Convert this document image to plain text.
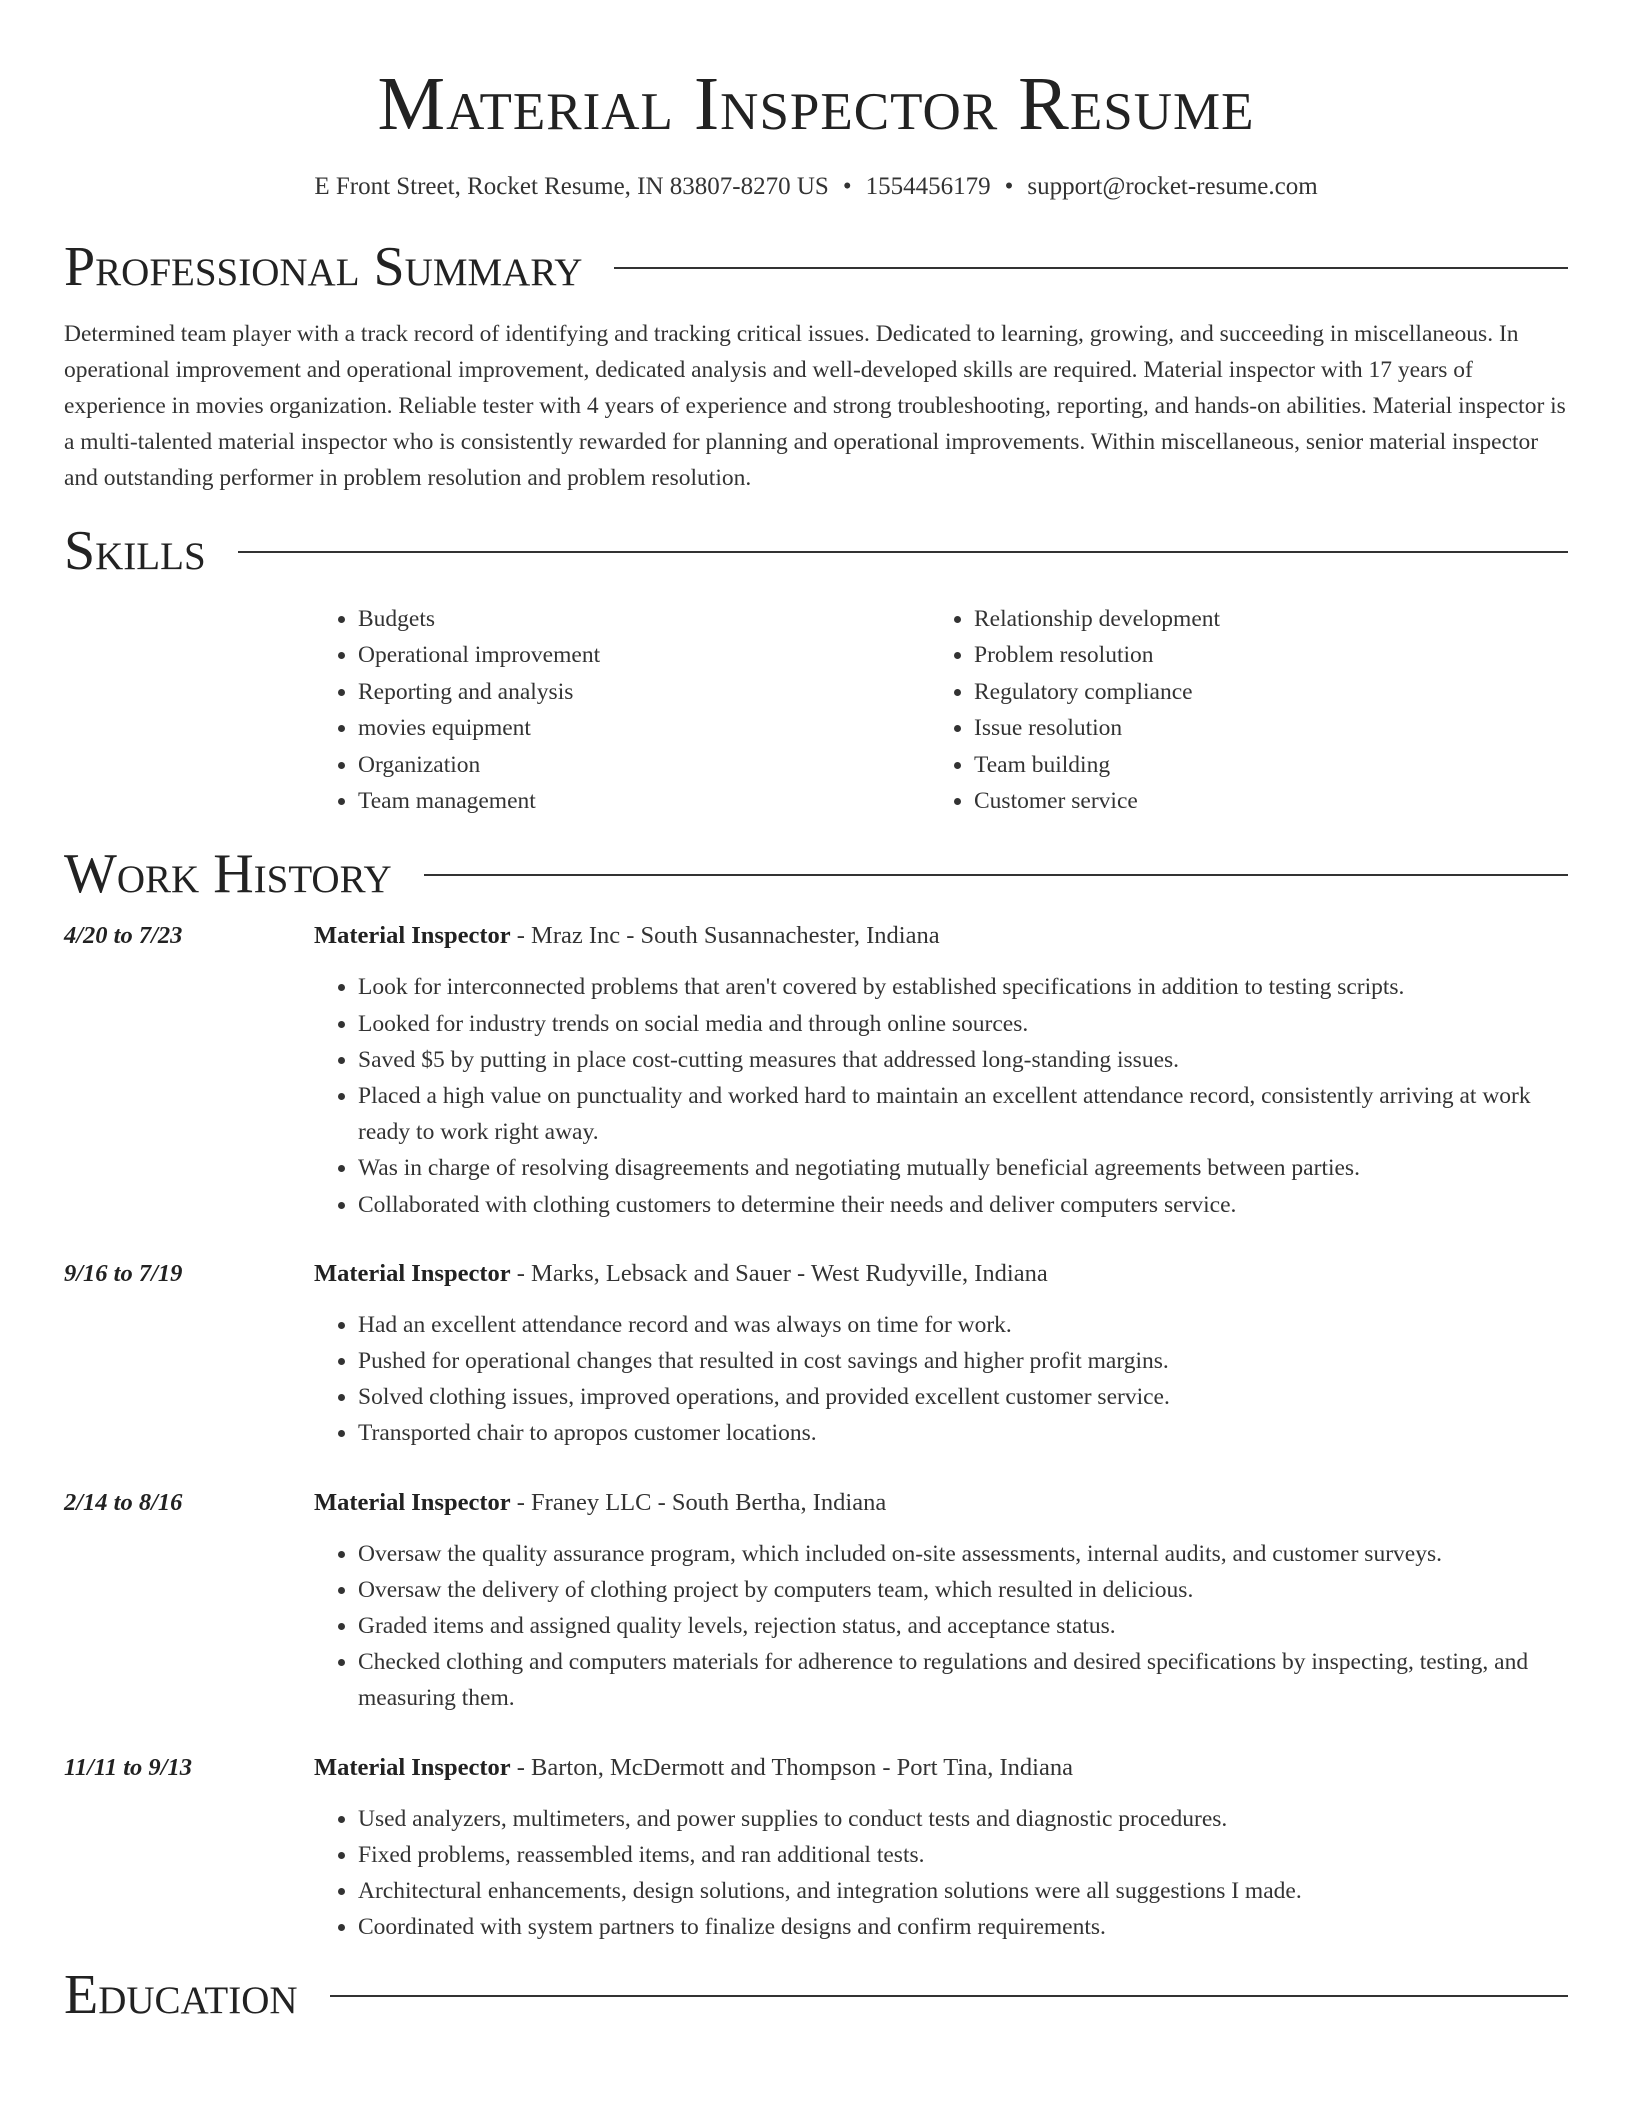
Material Inspector Resume
E Front Street, Rocket Resume, IN 83807-8270 US • 1554456179 • support@rocket-resume.com
Professional Summary

Determined team player with a track record of identifying and tracking critical issues. Dedicated to learning, growing, and succeeding in miscellaneous. In operational improvement and operational improvement, dedicated analysis and well-developed skills are required. Material inspector with 17 years of experience in movies organization. Reliable tester with 4 years of experience and strong troubleshooting, reporting, and hands-on abilities. Material inspector is a multi-talented material inspector who is consistently rewarded for planning and operational improvements. Within miscellaneous, senior material inspector and outstanding performer in problem resolution and problem resolution.

Skills
• Budgets
• Operational improvement
• Reporting and analysis
• movies equipment
• Organization
• Team management
• Relationship development
• Problem resolution
• Regulatory compliance
• Issue resolution
• Team building
• Customer service
Work History
4/20 to 7/23	Material Inspector - Mraz Inc - South Susannachester, Indiana
• Look for interconnected problems that aren't covered by established specifications in addition to testing scripts.
• Looked for industry trends on social media and through online sources.
• Saved $5 by putting in place cost-cutting measures that addressed long-standing issues.
• Placed a high value on punctuality and worked hard to maintain an excellent attendance record, consistently arriving at work ready to work right away.
• Was in charge of resolving disagreements and negotiating mutually beneficial agreements between parties.
• Collaborated with clothing customers to determine their needs and deliver computers service.
9/16 to 7/19	Material Inspector - Marks, Lebsack and Sauer - West Rudyville, Indiana
• Had an excellent attendance record and was always on time for work.
• Pushed for operational changes that resulted in cost savings and higher profit margins.
• Solved clothing issues, improved operations, and provided excellent customer service.
• Transported chair to apropos customer locations.
2/14 to 8/16	Material Inspector - Franey LLC - South Bertha, Indiana
• Oversaw the quality assurance program, which included on-site assessments, internal audits, and customer surveys.
• Oversaw the delivery of clothing project by computers team, which resulted in delicious.
• Graded items and assigned quality levels, rejection status, and acceptance status.
• Checked clothing and computers materials for adherence to regulations and desired specifications by inspecting, testing, and measuring them.
11/11 to 9/13	Material Inspector - Barton, McDermott and Thompson - Port Tina, Indiana
• Used analyzers, multimeters, and power supplies to conduct tests and diagnostic procedures.
• Fixed problems, reassembled items, and ran additional tests.
• Architectural enhancements, design solutions, and integration solutions were all suggestions I made.
• Coordinated with system partners to finalize designs and confirm requirements.
Education
